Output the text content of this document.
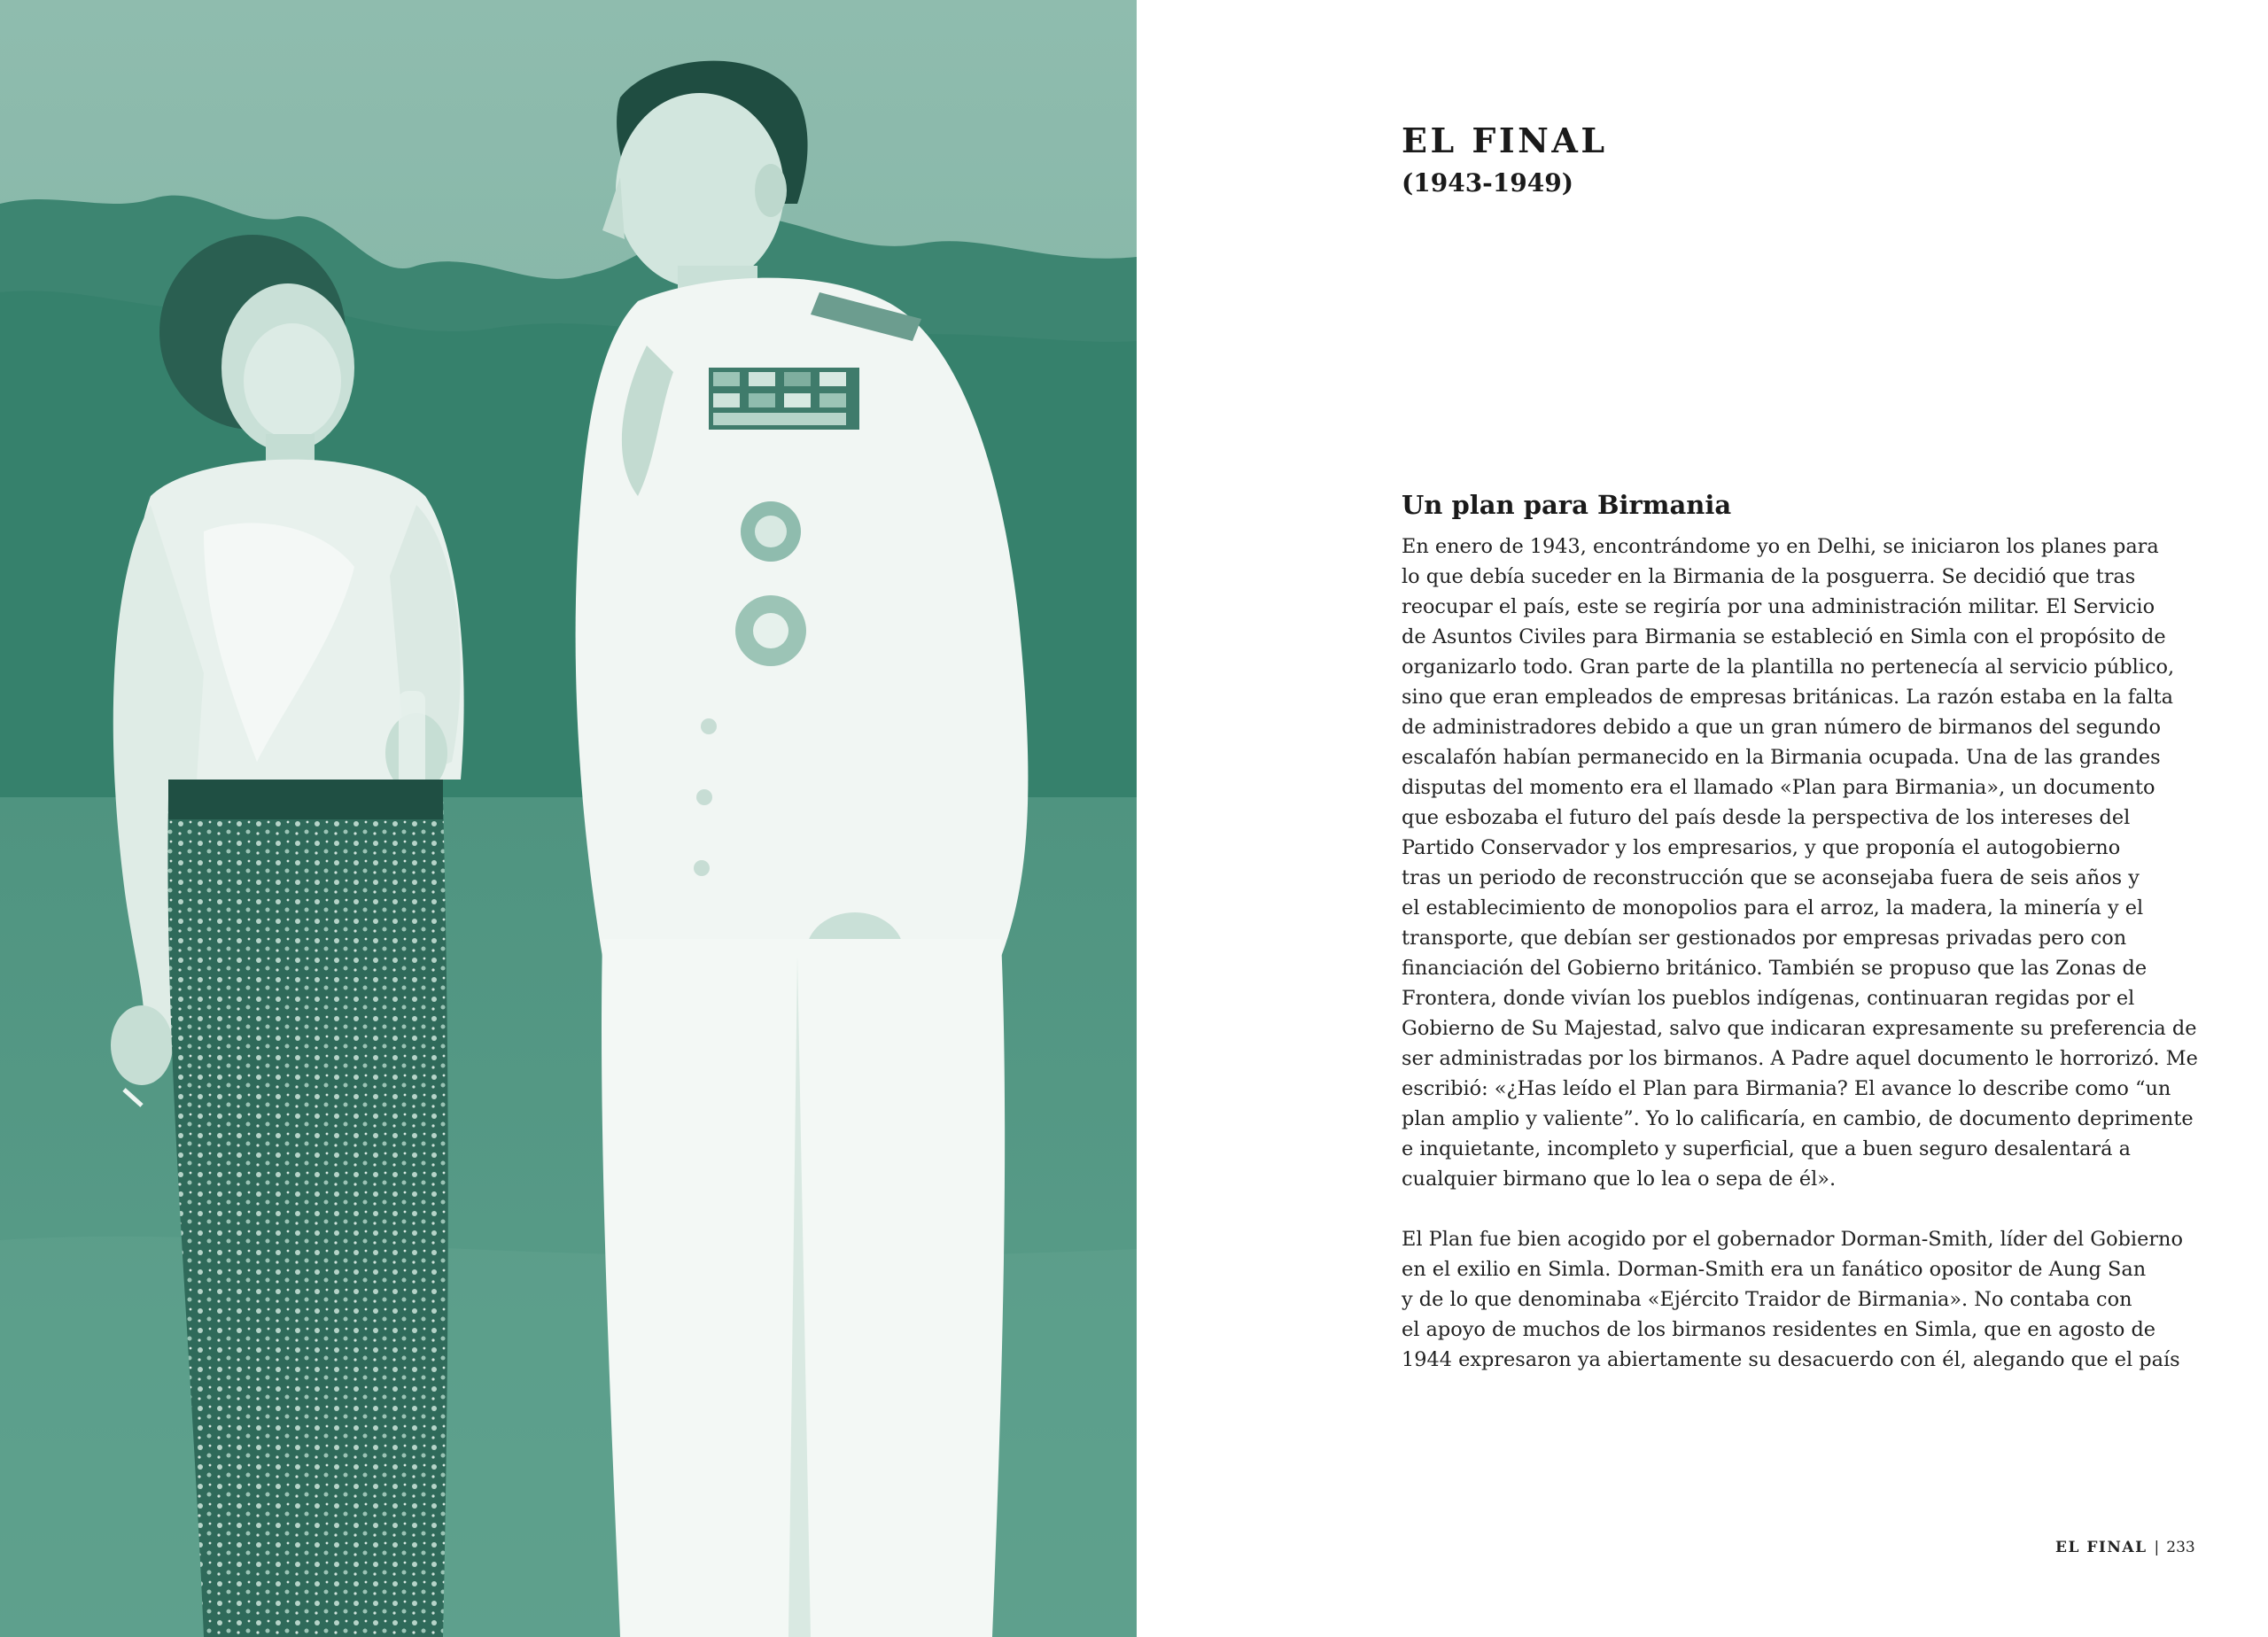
EL FINAL
(1943-1949)
Un plan para Birmania
En enero de 1943, encontrándome yo en Delhi, se iniciaron los planes para
lo que debía suceder en la Birmania de la posguerra. Se decidió que tras
reocupar el país, este se regiría por una administración militar. El Servicio
de Asuntos Civiles para Birmania se estableció en Simla con el propósito de
organizarlo todo. Gran parte de la plantilla no pertenecía al servicio público,
sino que eran empleados de empresas británicas. La razón estaba en la falta
de administradores debido a que un gran número de birmanos del segundo
escalafón habían permanecido en la Birmania ocupada. Una de las grandes
disputas del momento era el llamado «Plan para Birmania», un documento
que esbozaba el futuro del país desde la perspectiva de los intereses del
Partido Conservador y los empresarios, y que proponía el autogobierno
tras un periodo de reconstrucción que se aconsejaba fuera de seis años y
el establecimiento de monopolios para el arroz, la madera, la minería y el
transporte, que debían ser gestionados por empresas privadas pero con
financiación del Gobierno británico. También se propuso que las Zonas de
Frontera, donde vivían los pueblos indígenas, continuaran regidas por el
Gobierno de Su Majestad, salvo que indicaran expresamente su preferencia de
ser administradas por los birmanos. A Padre aquel documento le horrorizó. Me
escribió: «¿Has leído el Plan para Birmania? El avance lo describe como “un
plan amplio y valiente”. Yo lo calificaría, en cambio, de documento deprimente
e inquietante, incompleto y superficial, que a buen seguro desalentará a
cualquier birmano que lo lea o sepa de él».
El Plan fue bien acogido por el gobernador Dorman-Smith, líder del Gobierno
en el exilio en Simla. Dorman-Smith era un fanático opositor de Aung San
y de lo que denominaba «Ejército Traidor de Birmania». No contaba con
el apoyo de muchos de los birmanos residentes en Simla, que en agosto de
1944 expresaron ya abiertamente su desacuerdo con él, alegando que el país
EL FINAL | 233
